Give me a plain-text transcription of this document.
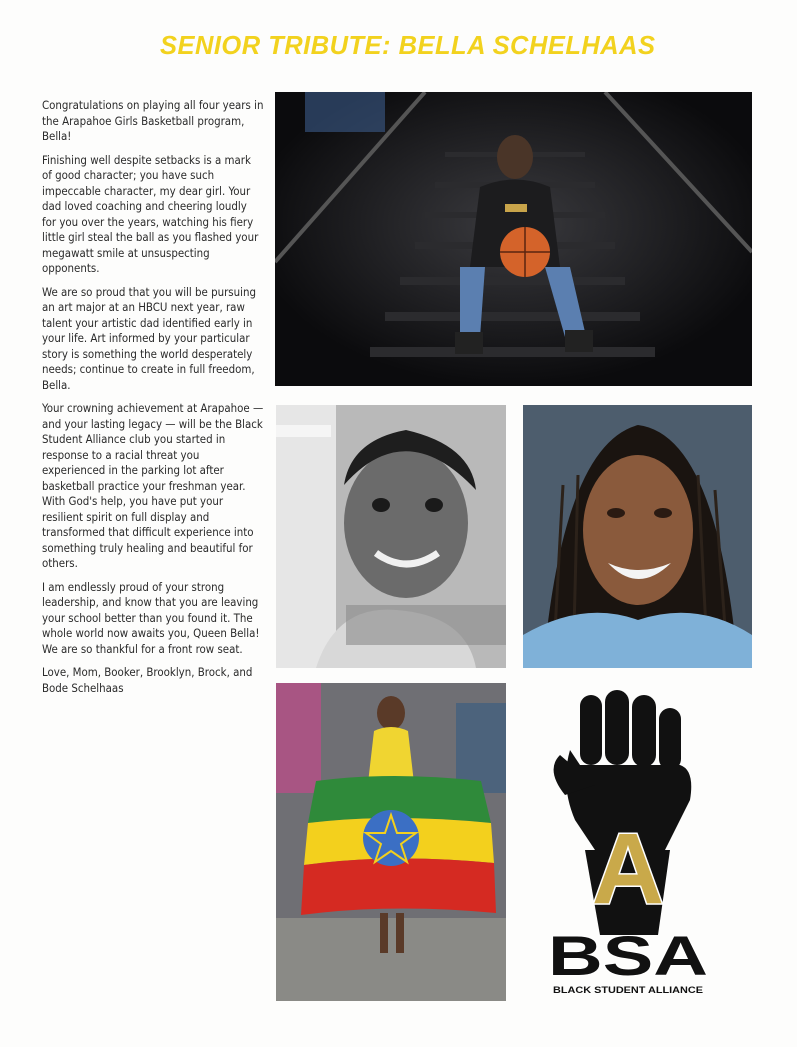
SENIOR TRIBUTE: BELLA SCHELHAAS

Congratulations on playing all four years in the Arapahoe Girls Basketball program, Bella!

Finishing well despite setbacks is a mark of good character; you have such impeccable character, my dear girl. Your dad loved coaching and cheering loudly for you over the years, watching his fiery little girl steal the ball as you flashed your megawatt smile at unsuspecting opponents.

We are so proud that you will be pursuing an art major at an HBCU next year, raw talent your artistic dad identified early in your life. Art informed by your particular story is something the world desperately needs; continue to create in full freedom, Bella.

Your crowning achievement at Arapahoe — and your lasting legacy — will be the Black Student Alliance club you started in response to a racial threat you experienced in the parking lot after basketball practice your freshman year. With God's help, you have put your resilient spirit on full display and transformed that difficult experience into something truly healing and beautiful for others.

I am endlessly proud of your strong leadership, and know that you are leaving your school better than you found it. The whole world now awaits you, Queen Bella! We are so thankful for a front row seat.

Love, Mom, Booker, Brooklyn, Brock, and Bode Schelhaas

A
BSA
BLACK STUDENT ALLIANCE
